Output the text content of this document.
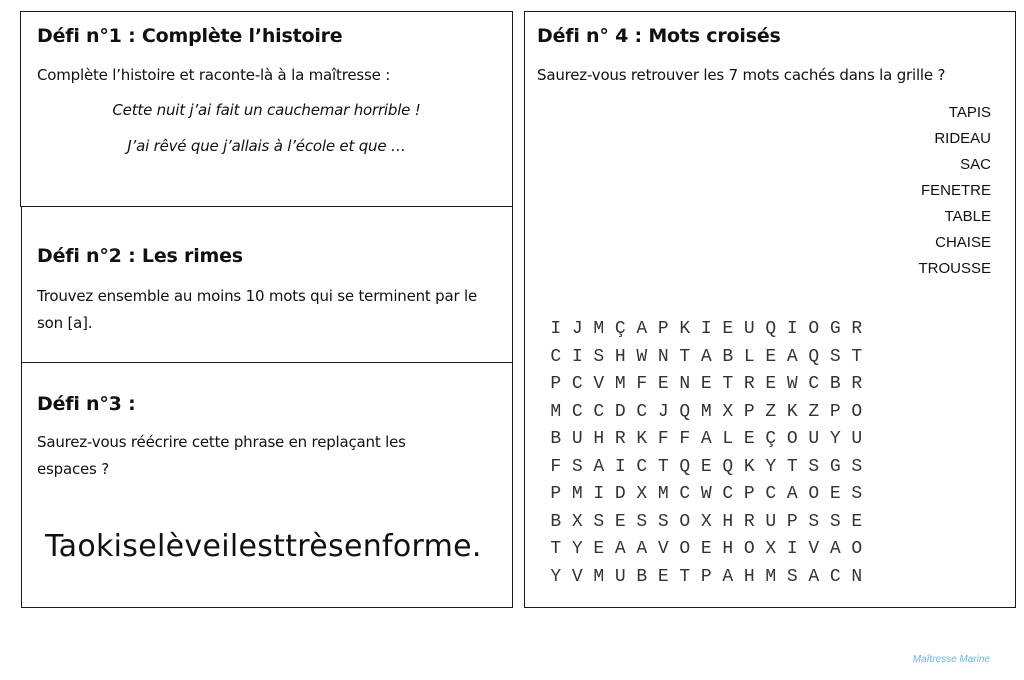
Défi n°1 : Complète l’histoire
Complète l’histoire et raconte-là à la maîtresse :
Cette nuit j’ai fait un cauchemar horrible !
J’ai rêvé que j’allais à l’école et que …
Défi n°2 : Les rimes
Trouvez ensemble au moins 10 mots qui se terminent par le son [a].
Défi n°3 :
Saurez-vous réécrire cette phrase en replaçant les espaces ?
Taokiselèveilesttrèsenforme.
Défi n° 4 : Mots croisés
Saurez-vous retrouver les 7 mots cachés dans la grille ?
TAPIS
RIDEAU
SAC
FENETRE
TABLE
CHAISE
TROUSSE
I J M Ç A P K I E U Q I O G R
C I S H W N T A B L E A Q S T
P C V M F E N E T R E W C B R
M C C D C J Q M X P Z K Z P O
B U H R K F F A L E Ç O U Y U
F S A I C T Q E Q K Y T S G S
P M I D X M C W C P C A O E S
B X S E S S O X H R U P S S E
T Y E A A V O E H O X I V A O
Y V M U B E T P A H M S A C N
Maîtresse Marine
